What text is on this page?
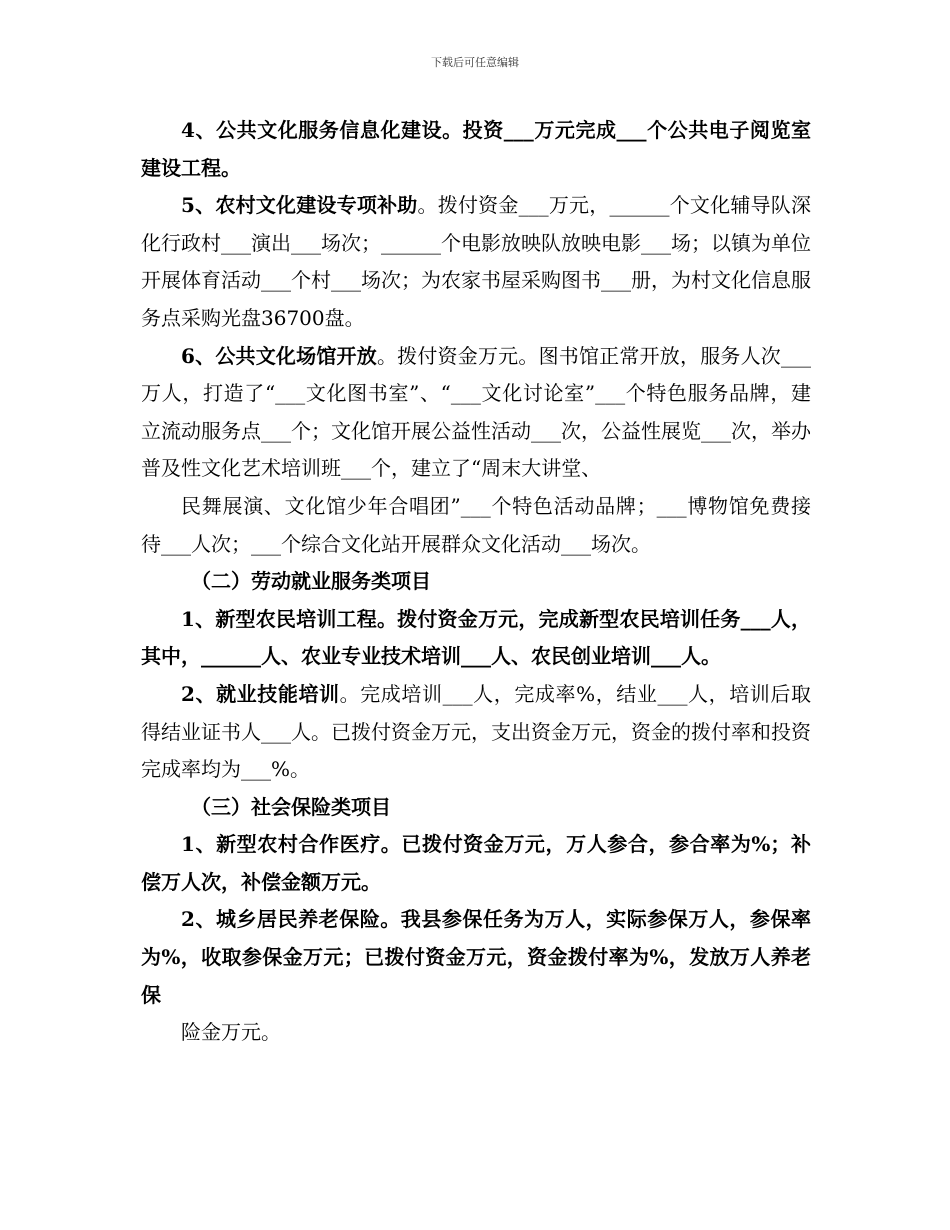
下载后可任意编辑

4、公共文化服务信息化建设。投资___万元完成___个公共电子阅览室建设工程。

5、农村文化建设专项补助。拨付资金___万元，______个文化辅导队深化行政村___演出___场次；______个电影放映队放映电影___场；以镇为单位开展体育活动___个村___场次；为农家书屋采购图书___册，为村文化信息服务点采购光盘36700盘。

6、公共文化场馆开放。拨付资金万元。图书馆正常开放，服务人次___万人，打造了“___文化图书室”、“___文化讨论室”___个特色服务品牌，建立流动服务点___个；文化馆开展公益性活动___次，公益性展览___次，举办普及性文化艺术培训班___个，建立了“周末大讲堂、

民舞展演、文化馆少年合唱团”___个特色活动品牌；___博物馆免费接待___人次；___个综合文化站开展群众文化活动___场次。

（二）劳动就业服务类项目

1、新型农民培训工程。拨付资金万元，完成新型农民培训任务___人，其中，______人、农业专业技术培训___人、农民创业培训___人。

2、就业技能培训。完成培训___人，完成率%，结业___人，培训后取得结业证书人___人。已拨付资金万元，支出资金万元，资金的拨付率和投资完成率均为___%。

（三）社会保险类项目

1、新型农村合作医疗。已拨付资金万元，万人参合，参合率为%；补偿万人次，补偿金额万元。

2、城乡居民养老保险。我县参保任务为万人，实际参保万人，参保率为%，收取参保金万元；已拨付资金万元，资金拨付率为%，发放万人养老保

险金万元。
